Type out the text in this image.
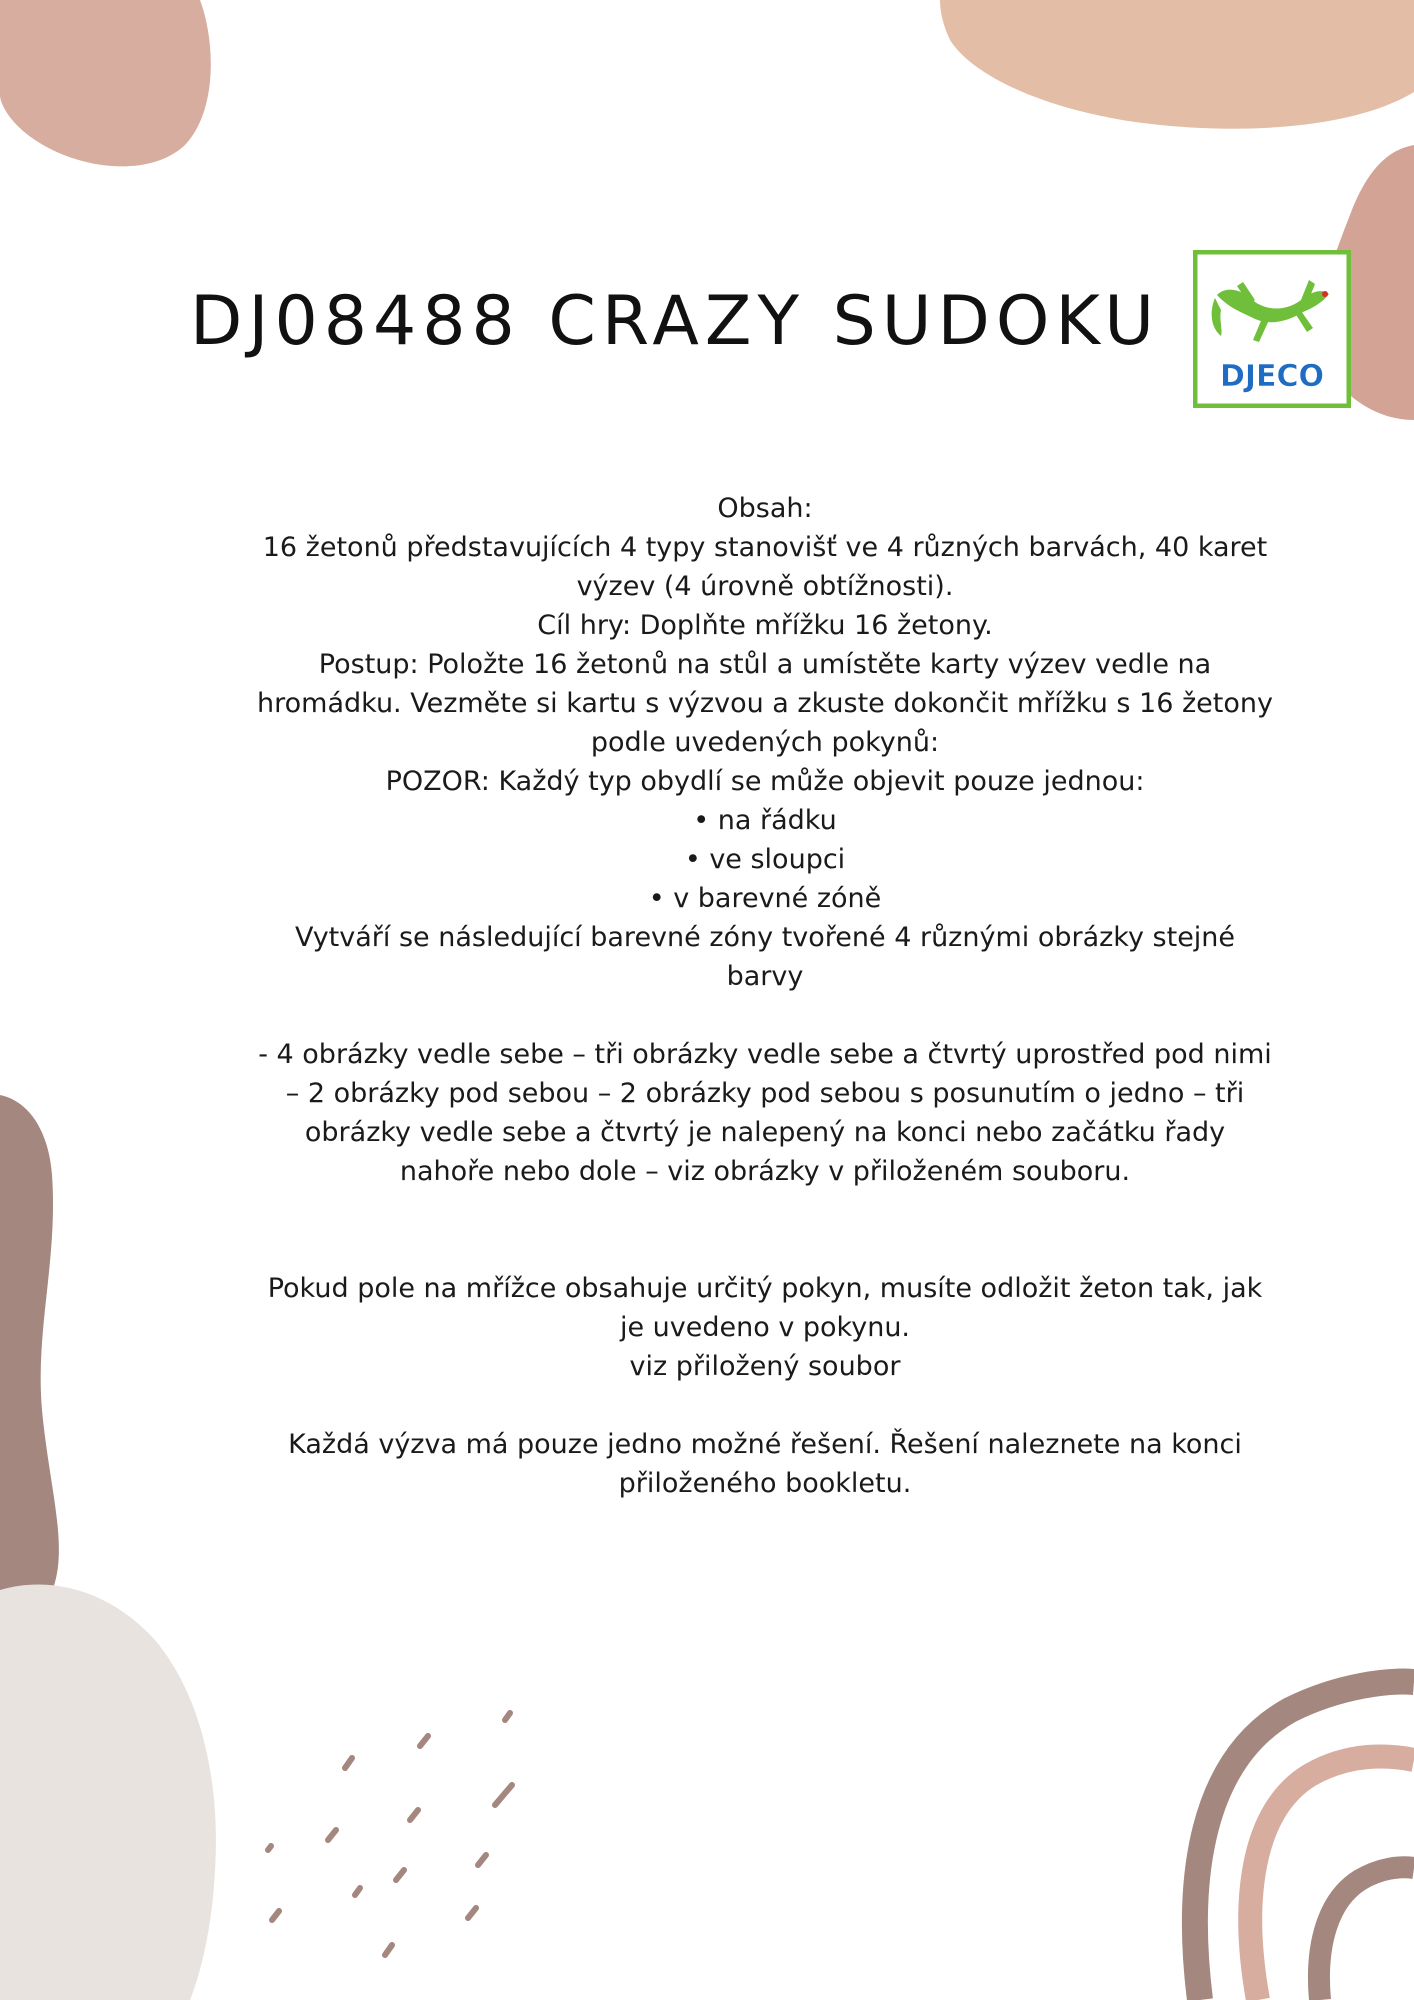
DJ08488 CRAZY SUDOKU
DJECO

Obsah:

16 žetonů představujících 4 typy stanovišť ve 4 různých barvách, 40 karet výzev (4 úrovně obtížnosti).

Cíl hry: Doplňte mřížku 16 žetony.

Postup: Položte 16 žetonů na stůl a umístěte karty výzev vedle na hromádku. Vezměte si kartu s výzvou a zkuste dokončit mřížku s 16 žetony podle uvedených pokynů:

POZOR: Každý typ obydlí se může objevit pouze jednou:

• na řádku

• ve sloupci

• v barevné zóně

Vytváří se následující barevné zóny tvořené 4 různými obrázky stejné barvy

- 4 obrázky vedle sebe – tři obrázky vedle sebe a čtvrtý uprostřed pod nimi – 2 obrázky pod sebou – 2 obrázky pod sebou s posunutím o jedno – tři obrázky vedle sebe a čtvrtý je nalepený na konci nebo začátku řady nahoře nebo dole – viz obrázky v přiloženém souboru.

Pokud pole na mřížce obsahuje určitý pokyn, musíte odložit žeton tak, jak je uvedeno v pokynu.

viz přiložený soubor

Každá výzva má pouze jedno možné řešení. Řešení naleznete na konci přiloženého bookletu.
